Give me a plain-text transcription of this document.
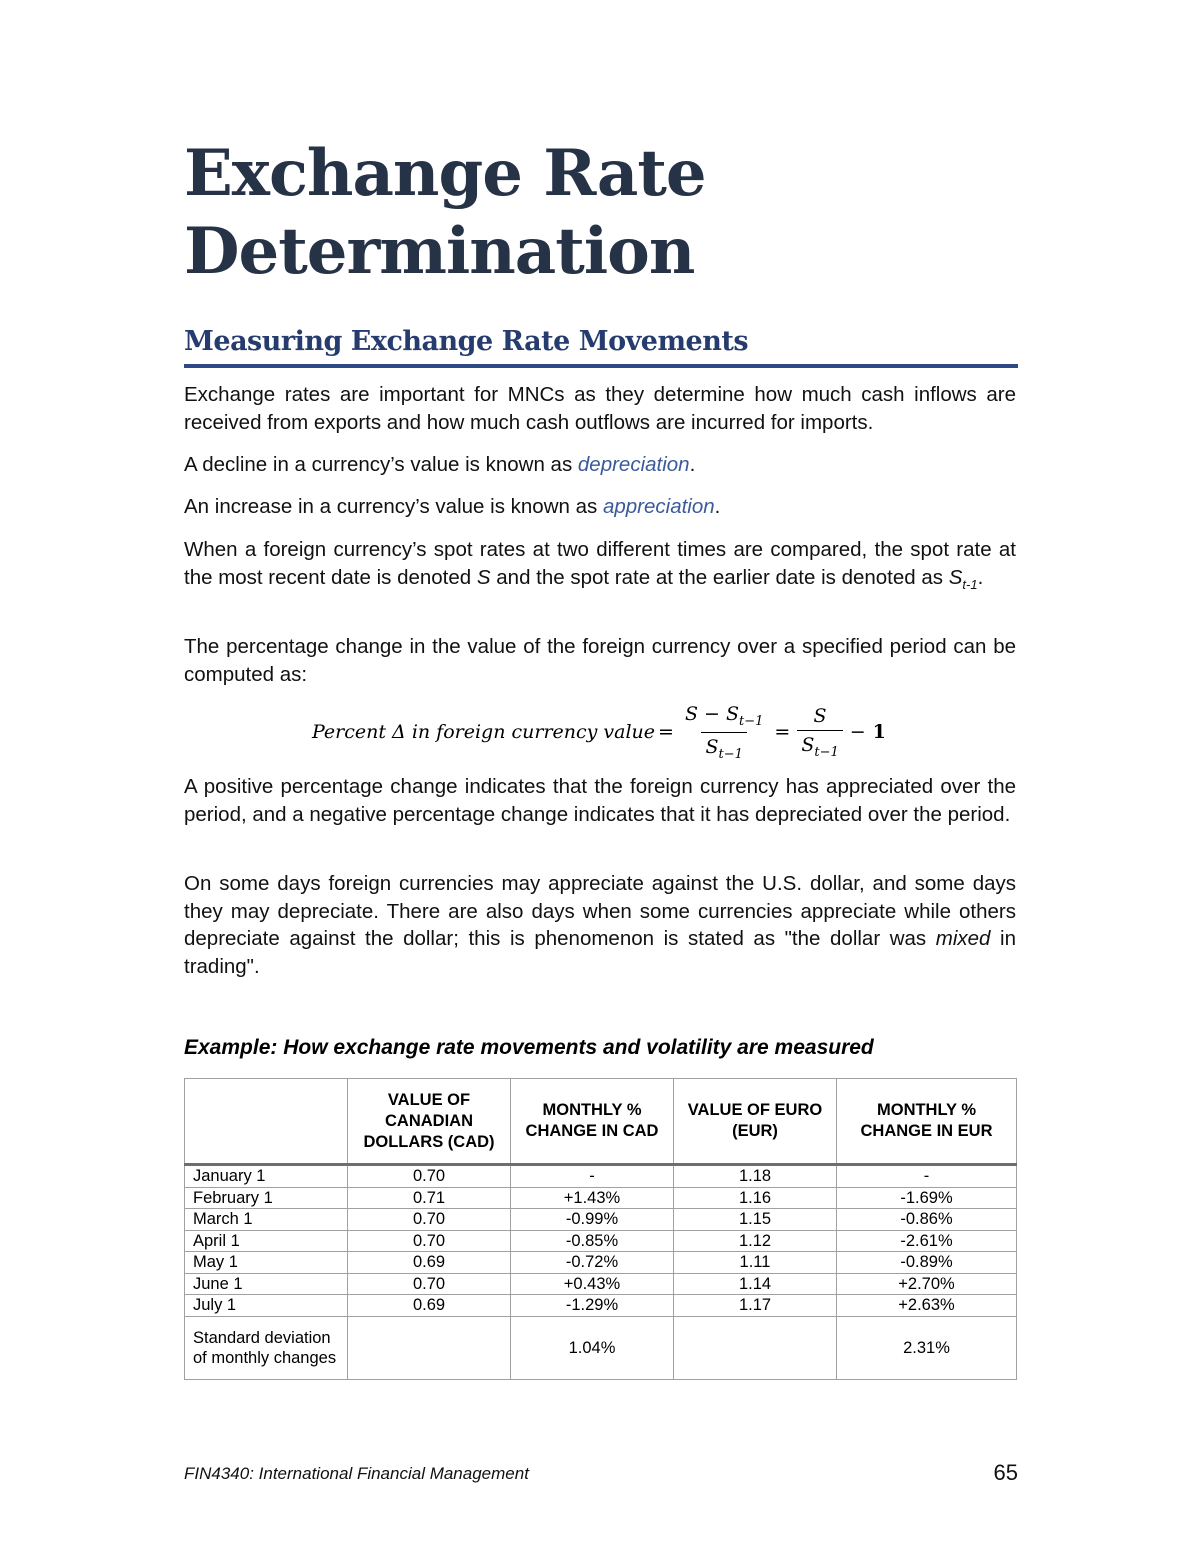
Exchange Rate
Determination
Measuring Exchange Rate Movements

Exchange rates are important for MNCs as they determine how much cash inflows are received from exports and how much cash outflows are incurred for imports.

A decline in a currency’s value is known as depreciation.

An increase in a currency’s value is known as appreciation.

When a foreign currency’s spot rates at two different times are compared, the spot rate at the most recent date is denoted S and the spot rate at the earlier date is denoted as $S_{t-1}$.

The percentage change in the value of the foreign currency over a specified period can be computed as:

Percent Δ in foreign currency value = $\frac{S - S_{t-1}}{S_{t-1}} = \frac{S}{S_{t-1}} - 1$

A positive percentage change indicates that the foreign currency has appreciated over the period, and a negative percentage change indicates that it has depreciated over the period.

On some days foreign currencies may appreciate against the U.S. dollar, and some days they may depreciate. There are also days when some currencies appreciate while others depreciate against the dollar; this is phenomenon is stated as "the dollar was mixed in trading".

Example: How exchange rate movements and volatility are measured
	VALUE OF CANADIAN DOLLARS (CAD)	MONTHLY % CHANGE IN CAD	VALUE OF EURO (EUR)	MONTHLY % CHANGE IN EUR
January 1	0.70	-	1.18	-
February 1	0.71	+1.43%	1.16	-1.69%
March 1	0.70	-0.99%	1.15	-0.86%
April 1	0.70	-0.85%	1.12	-2.61%
May 1	0.69	-0.72%	1.11	-0.89%
June 1	0.70	+0.43%	1.14	+2.70%
July 1	0.69	-1.29%	1.17	+2.63%
Standard deviation of monthly changes		1.04%		2.31%
FIN4340: International Financial Management	65
